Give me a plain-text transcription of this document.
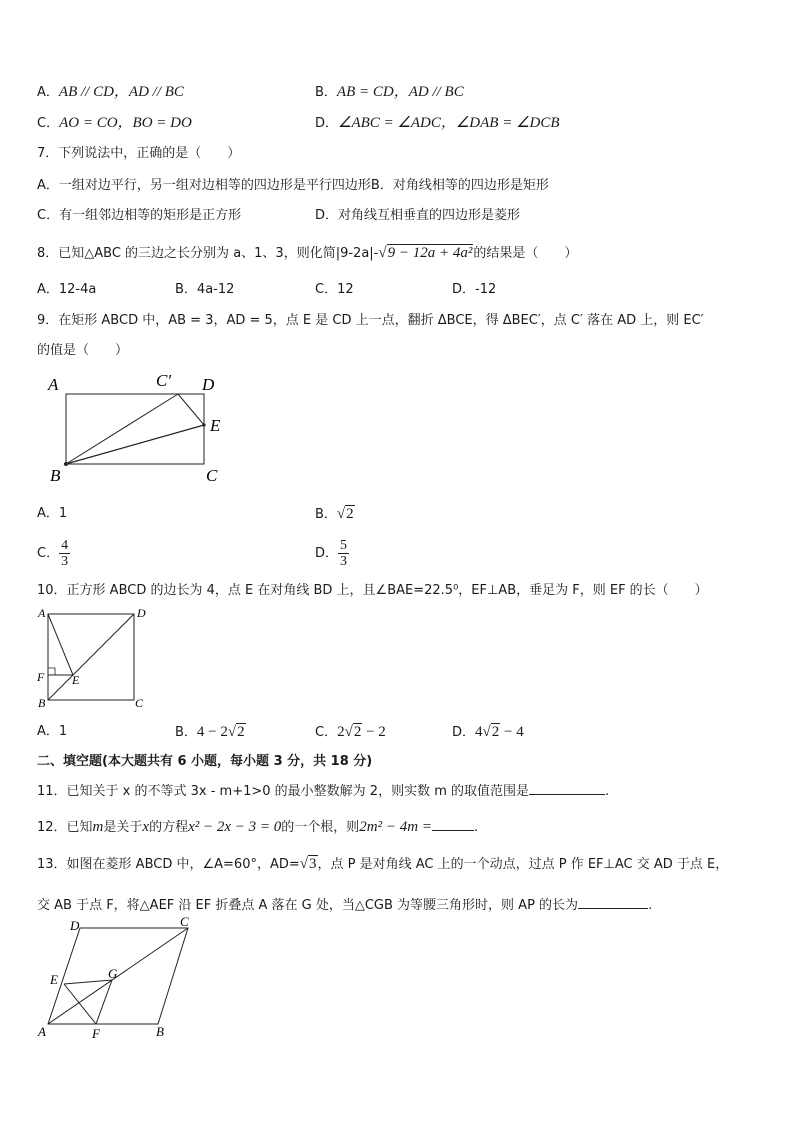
A．AB // CD，AD // BC	B．AB = CD，AD // BC
C．AO = CO，BO = DO	D．∠ABC = ∠ADC，∠DAB = ∠DCB
7．下列说法中，正确的是（　　）
A．一组对边平行，另一组对边相等的四边形是平行四边形B．对角线相等的四边形是矩形
C．有一组邻边相等的矩形是正方形	D．对角线互相垂直的四边形是菱形
8．已知△ABC 的三边之长分别为 a、1、3，则化简|9-2a|-√9 − 12a + 4a²的结果是（　　）
A．12-4a	B．4a-12	C．12	D．-12
9．在矩形 ABCD 中，AB = 3，AD = 5，点 E 是 CD 上一点，翻折 ΔBCE，得 ΔBEC′，点 C′ 落在 AD 上，则 EC′
的值是（　　）
A	C′ D
E
B	C
A．1	B．√2
C． $\frac{4}{3}$	D． $\frac{5}{3}$
10．正方形 ABCD 的边长为 4，点 E 在对角线 BD 上，且∠BAE=22.5⁰，EF⊥AB，垂足为 F，则 EF 的长（　　）
A	D
F E
B	C
A．1	B．4 − 2√2	C．2√2 − 2	D．4√2 − 4
二、填空题(本大题共有 6 小题，每小题 3 分，共 18 分)
11．已知关于 x 的不等式 3x - m+1>0 的最小整数解为 2，则实数 m 的取值范围是	.
12．已知m是关于x的方程x² − 2x − 3 = 0的一个根，则2m² − 4m =	.
13．如图在菱形 ABCD 中，∠A=60°，AD=√3，点 P 是对角线 AC 上的一个动点，过点 P 作 EF⊥AC 交 AD 于点 E，
交 AB 于点 F，将△AEF 沿 EF 折叠点 A 落在 G 处，当△CGB 为等腰三角形时，则 AP 的长为	.
D	C
E	G
A	F	B
